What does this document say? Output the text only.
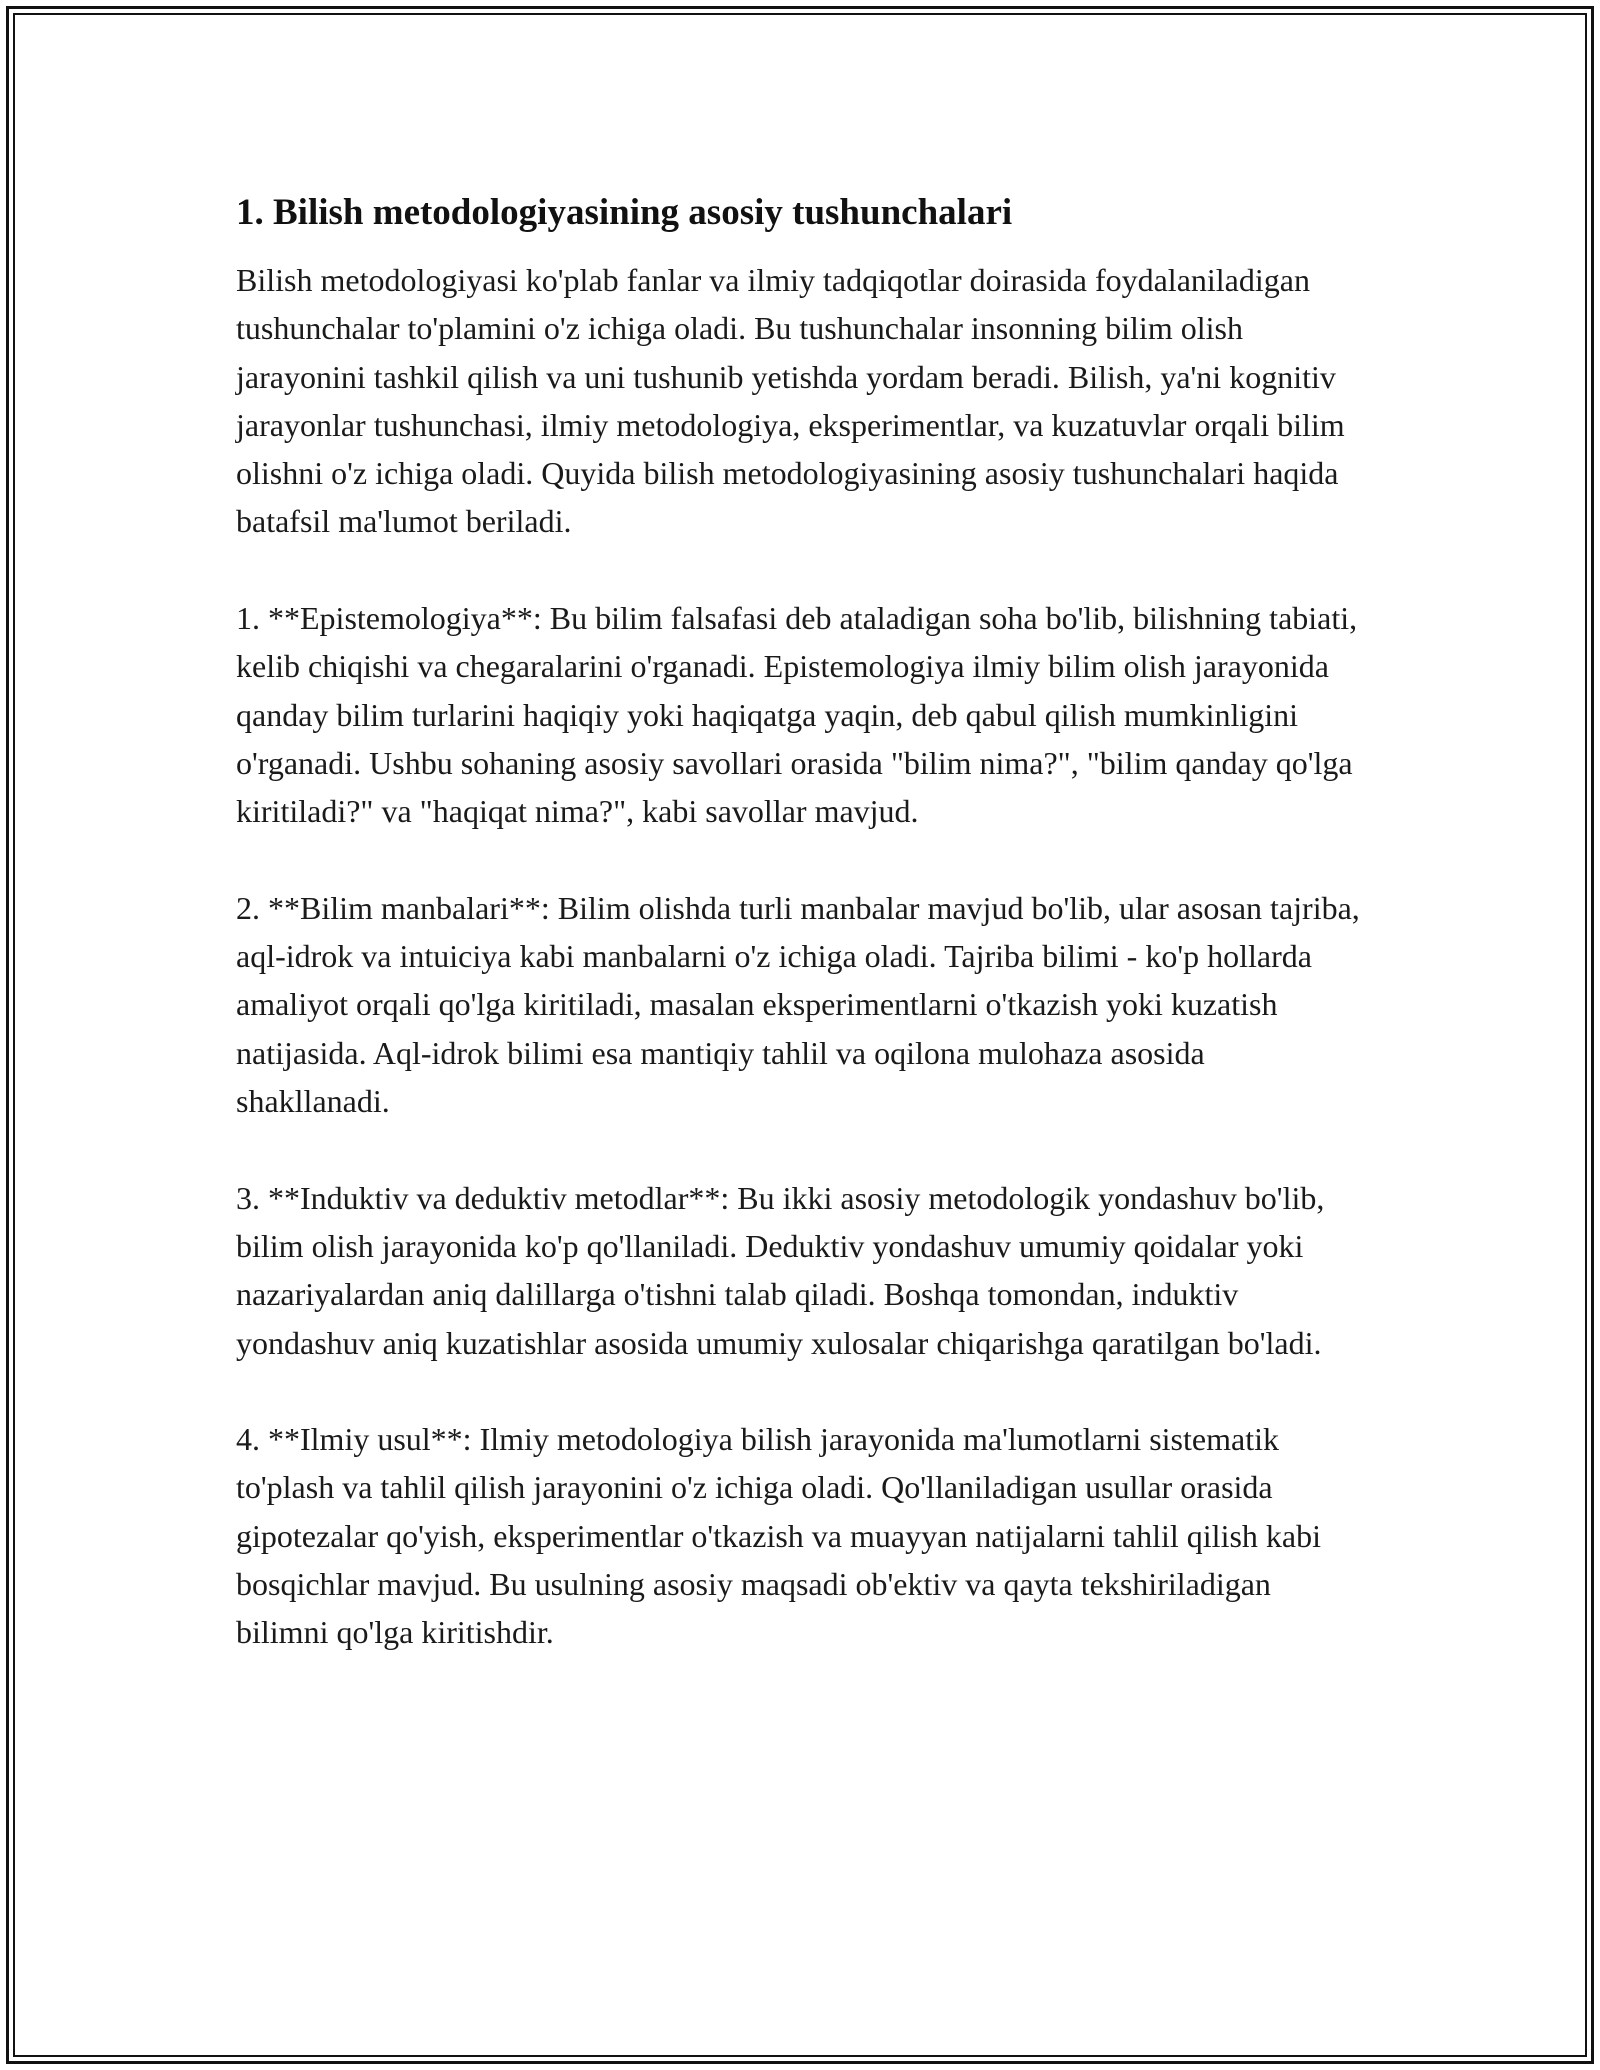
1. Bilish metodologiyasining asosiy tushunchalari

Bilish metodologiyasi ko'plab fanlar va ilmiy tadqiqotlar doirasida foydalaniladigan tushunchalar to'plamini o'z ichiga oladi. Bu tushunchalar insonning bilim olish jarayonini tashkil qilish va uni tushunib yetishda yordam beradi. Bilish, ya'ni kognitiv jarayonlar tushunchasi, ilmiy metodologiya, eksperimentlar, va kuzatuvlar orqali bilim olishni o'z ichiga oladi. Quyida bilish metodologiyasining asosiy tushunchalari haqida batafsil ma'lumot beriladi.

1. **Epistemologiya**: Bu bilim falsafasi deb ataladigan soha bo'lib, bilishning tabiati, kelib chiqishi va chegaralarini o'rganadi. Epistemologiya ilmiy bilim olish jarayonida qanday bilim turlarini haqiqiy yoki haqiqatga yaqin, deb qabul qilish mumkinligini o'rganadi. Ushbu sohaning asosiy savollari orasida "bilim nima?", "bilim qanday qo'lga kiritiladi?" va "haqiqat nima?", kabi savollar mavjud.

2. **Bilim manbalari**: Bilim olishda turli manbalar mavjud bo'lib, ular asosan tajriba, aql-idrok va intuiciya kabi manbalarni o'z ichiga oladi. Tajriba bilimi - ko'p hollarda amaliyot orqali qo'lga kiritiladi, masalan eksperimentlarni o'tkazish yoki kuzatish natijasida. Aql-idrok bilimi esa mantiqiy tahlil va oqilona mulohaza asosida shakllanadi.

3. **Induktiv va deduktiv metodlar**: Bu ikki asosiy metodologik yondashuv bo'lib, bilim olish jarayonida ko'p qo'llaniladi. Deduktiv yondashuv umumiy qoidalar yoki nazariyalardan aniq dalillarga o'tishni talab qiladi. Boshqa tomondan, induktiv yondashuv aniq kuzatishlar asosida umumiy xulosalar chiqarishga qaratilgan bo'ladi.

4. **Ilmiy usul**: Ilmiy metodologiya bilish jarayonida ma'lumotlarni sistematik to'plash va tahlil qilish jarayonini o'z ichiga oladi. Qo'llaniladigan usullar orasida gipotezalar qo'yish, eksperimentlar o'tkazish va muayyan natijalarni tahlil qilish kabi bosqichlar mavjud. Bu usulning asosiy maqsadi ob'ektiv va qayta tekshiriladigan bilimni qo'lga kiritishdir.
